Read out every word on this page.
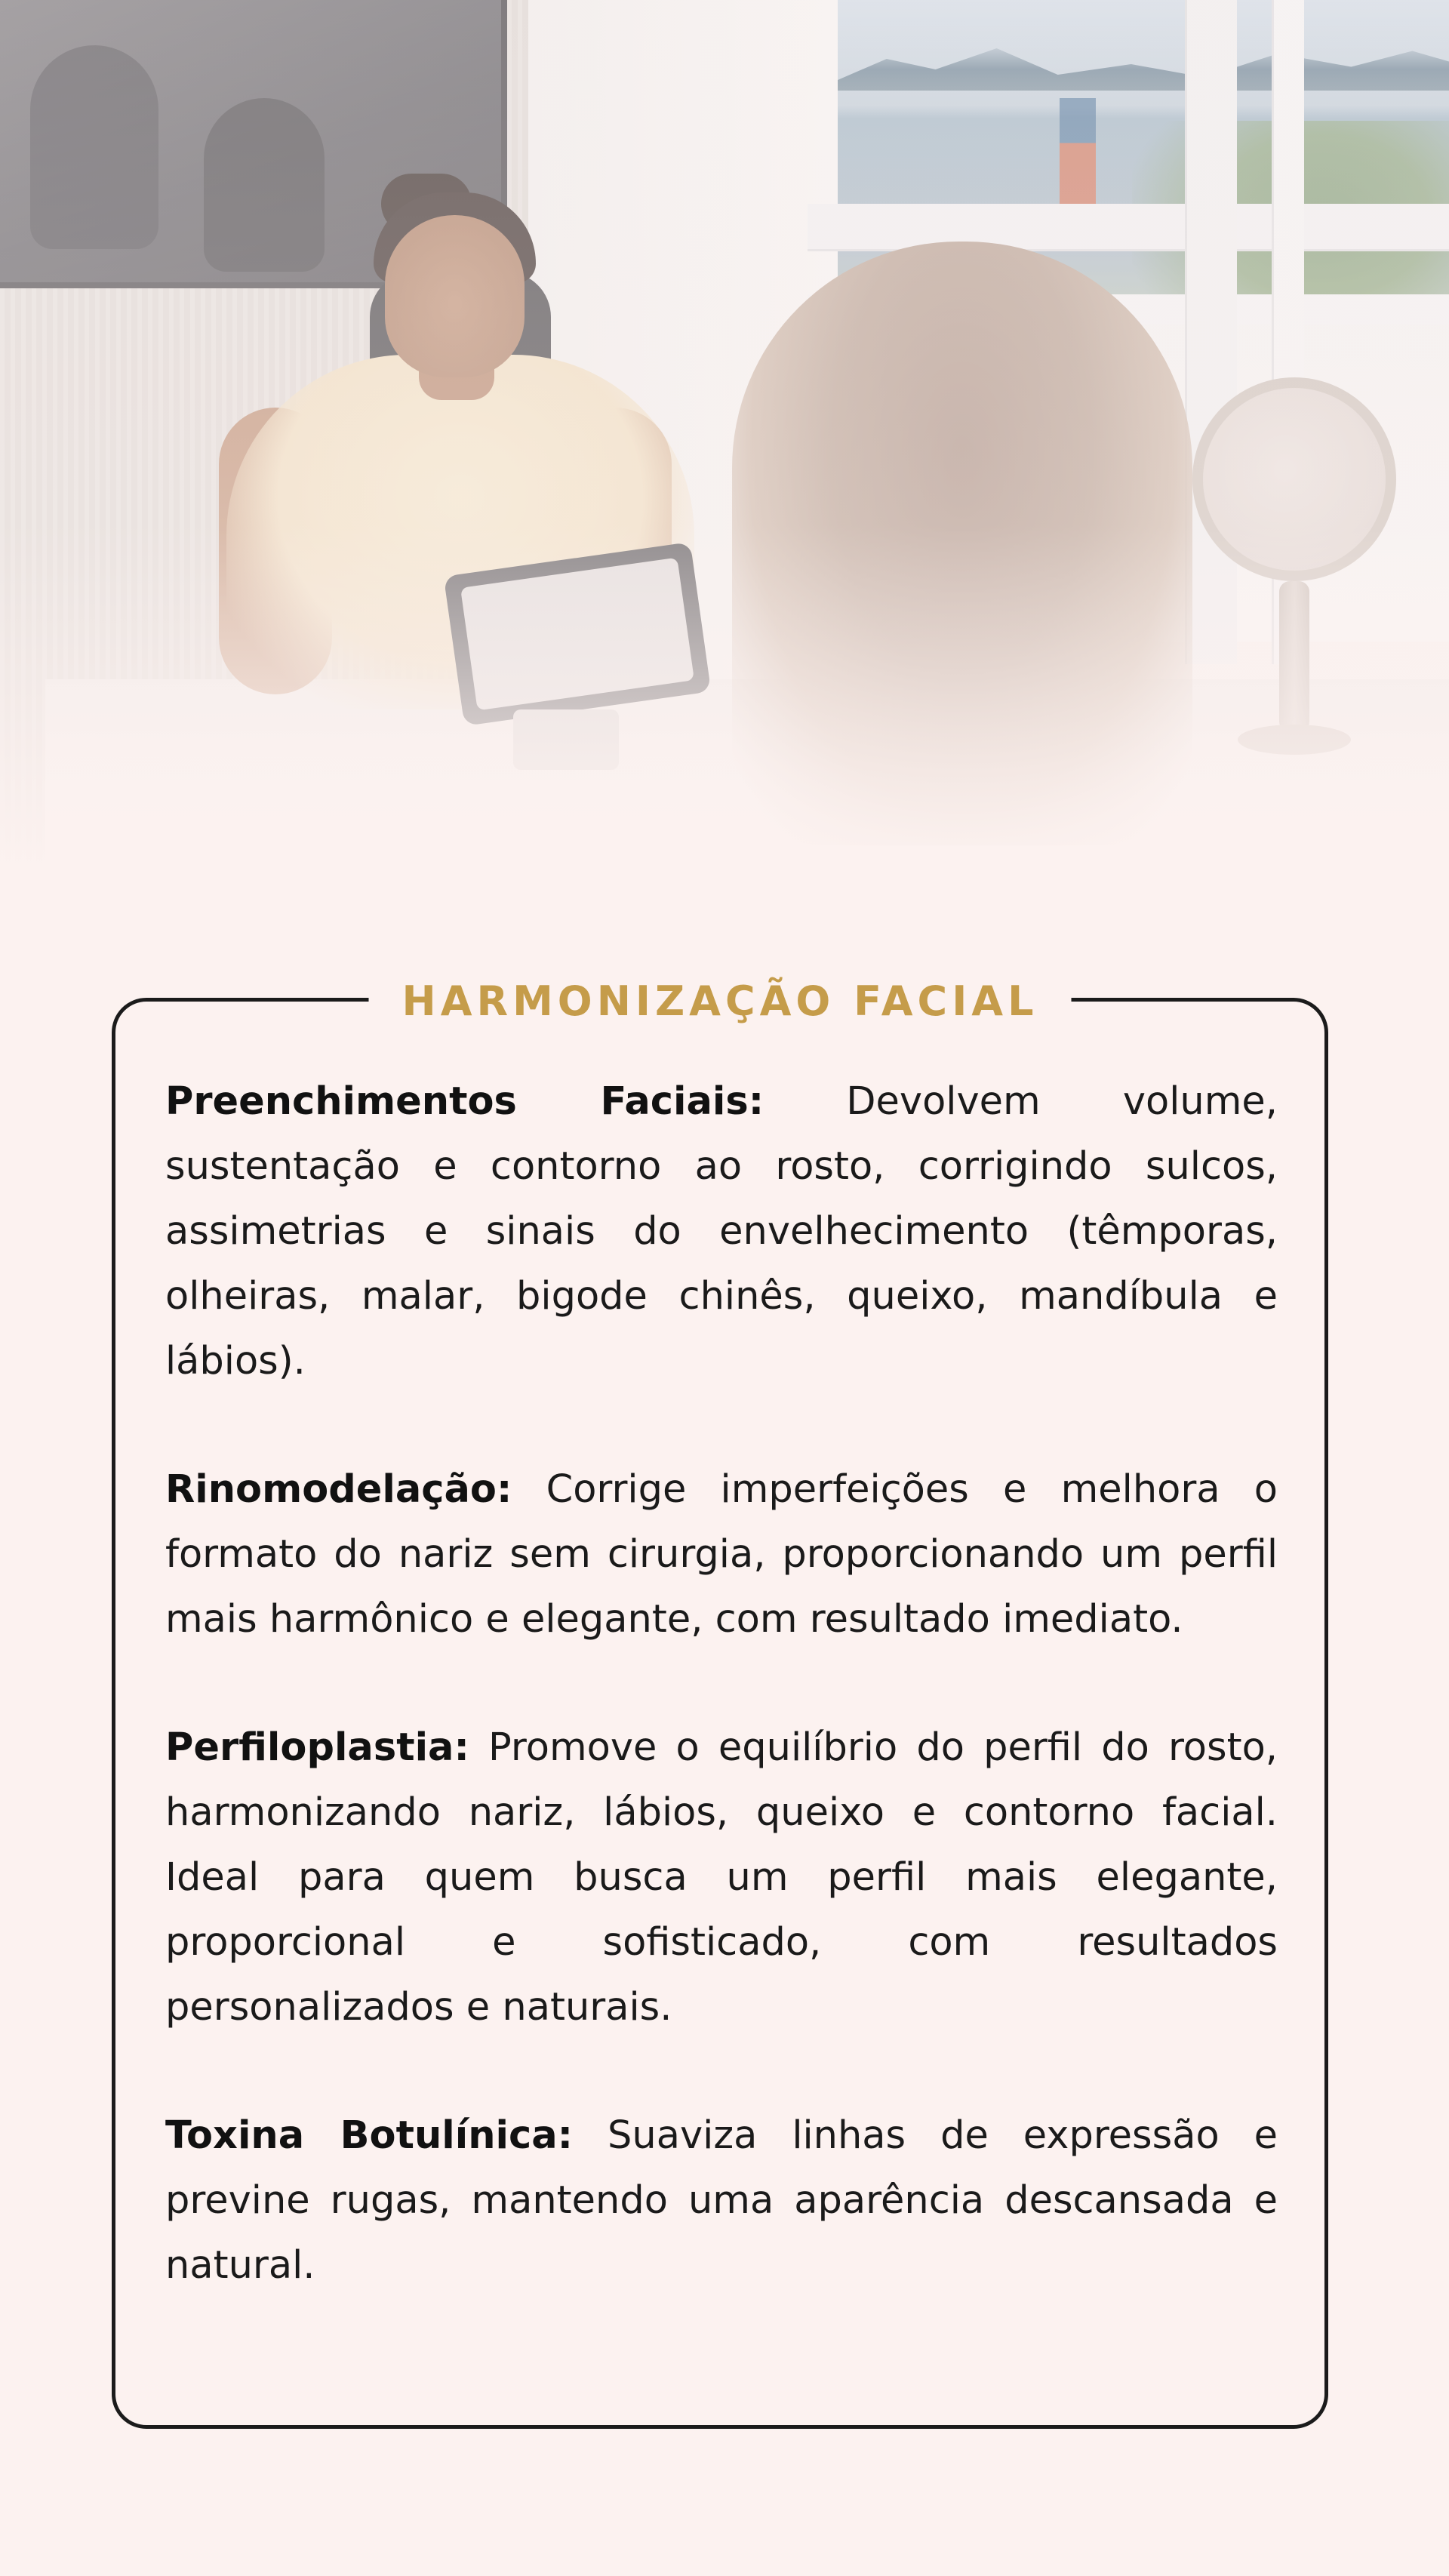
HARMONIZAÇÃO FACIAL

Preenchimentos Faciais: Devolvem volume, sustentação e contorno ao rosto, corrigindo sulcos, assimetrias e sinais do envelhecimento (têmporas, olheiras, malar, bigode chinês, queixo, mandíbula e lábios).

Rinomodelação: Corrige imperfeições e melhora o formato do nariz sem cirurgia, proporcionando um perfil mais harmônico e elegante, com resultado imediato.

Perfiloplastia: Promove o equilíbrio do perfil do rosto, harmonizando nariz, lábios, queixo e contorno facial. Ideal para quem busca um perfil mais elegante, proporcional e sofisticado, com resultados personalizados e naturais.

Toxina Botulínica: Suaviza linhas de expressão e previne rugas, mantendo uma aparência descansada e natural.
